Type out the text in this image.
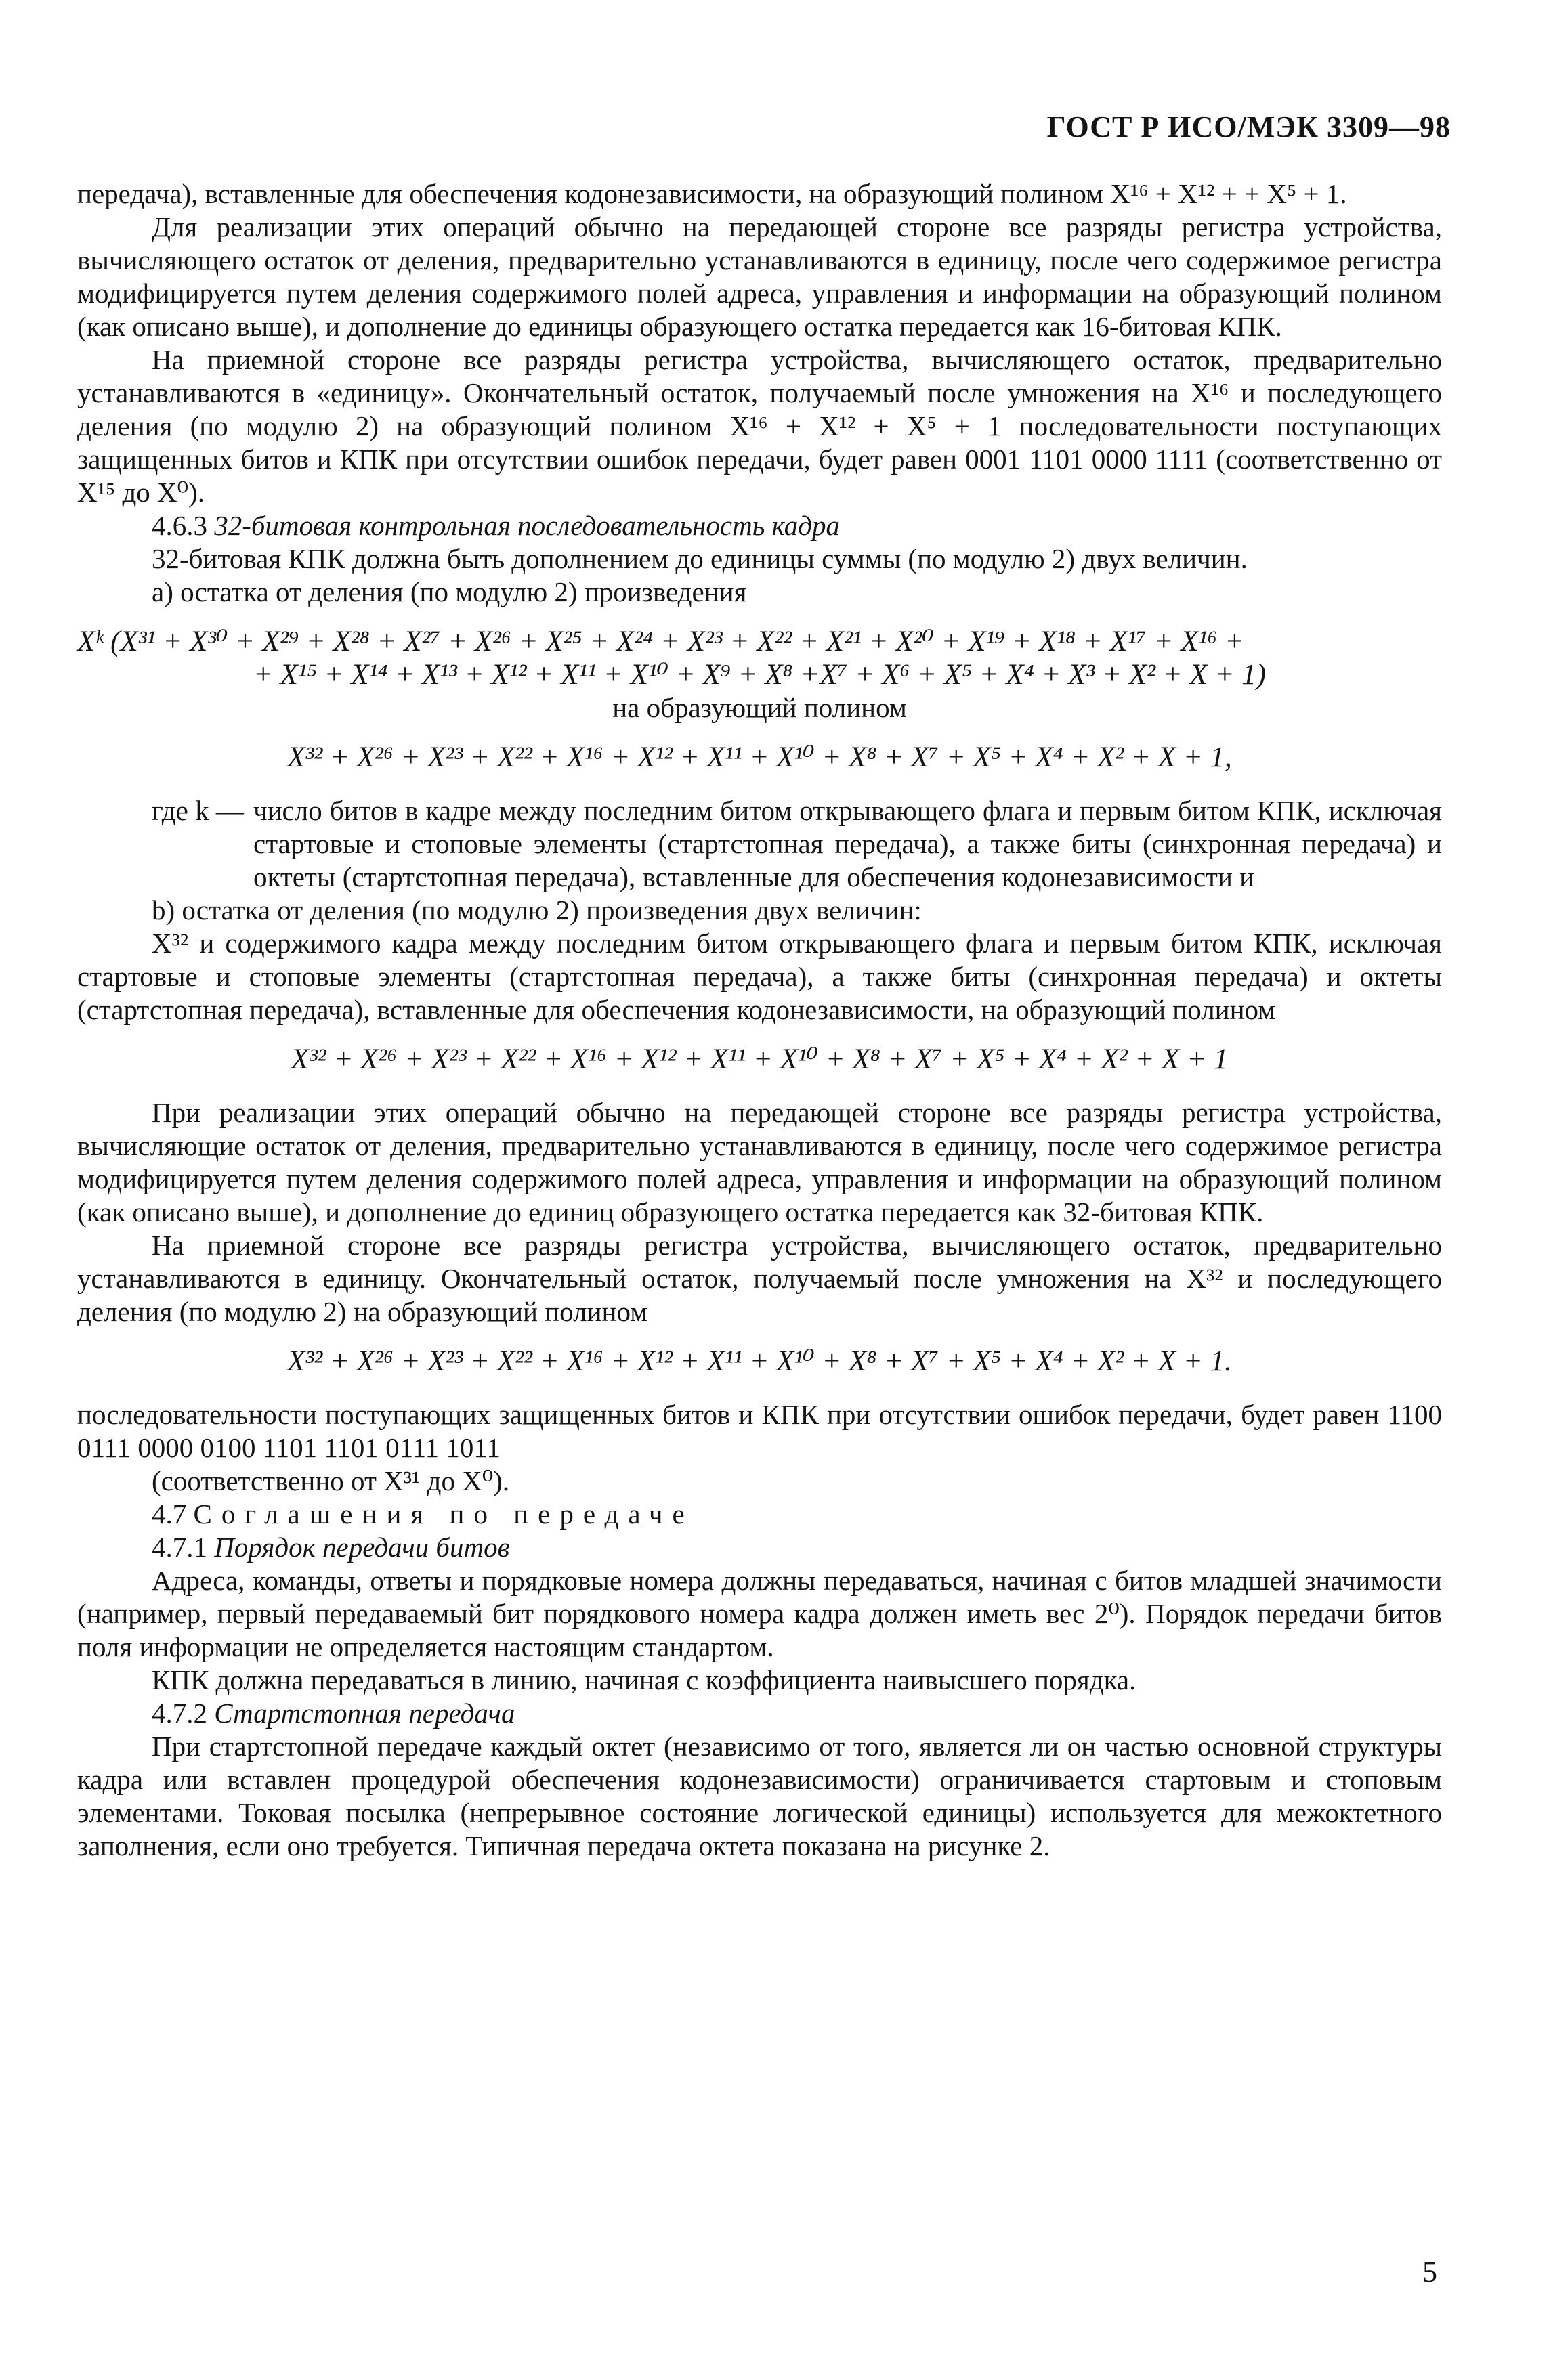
ГОСТ Р ИСО/МЭК 3309—98

передача), вставленные для обеспечения кодонезависимости, на образующий полином X¹⁶ + X¹² + + X⁵ + 1.

Для реализации этих операций обычно на передающей стороне все разряды регистра устройства, вычисляющего остаток от деления, предварительно устанавливаются в единицу, после чего содержимое регистра модифицируется путем деления содержимого полей адреса, управления и информации на образующий полином (как описано выше), и дополнение до единицы образующего остатка передается как 16-битовая КПК.

На приемной стороне все разряды регистра устройства, вычисляющего остаток, предварительно устанавливаются в «единицу». Окончательный остаток, получаемый после умножения на X¹⁶ и последующего деления (по модулю 2) на образующий полином X¹⁶ + X¹² + X⁵ + 1 последовательности поступающих защищенных битов и КПК при отсутствии ошибок передачи, будет равен 0001 1101 0000 1111 (соответственно от X¹⁵ до X⁰).

4.6.3 32-битовая контрольная последовательность кадра

32-битовая КПК должна быть дополнением до единицы суммы (по модулю 2) двух величин.

а) остатка от деления (по модулю 2) произведения

Xᵏ (X³¹ + X³⁰ + X²⁹ + X²⁸ + X²⁷ + X²⁶ + X²⁵ + X²⁴ + X²³ + X²² + X²¹ + X²⁰ + X¹⁹ + X¹⁸ + X¹⁷ + X¹⁶ +

+ X¹⁵ + X¹⁴ + X¹³ + X¹² + X¹¹ + X¹⁰ + X⁹ + X⁸ +X⁷ + X⁶ + X⁵ + X⁴ + X³ + X² + X + 1)

на образующий полином

X³² + X²⁶ + X²³ + X²² + X¹⁶ + X¹² + X¹¹ + X¹⁰ + X⁸ + X⁷ + X⁵ + X⁴ + X² + X + 1,

где k — число битов в кадре между последним битом открывающего флага и первым битом КПК, исключая стартовые и стоповые элементы (стартстопная передача), а также биты (синхронная передача) и октеты (стартстопная передача), вставленные для обеспечения кодонезависимости и

b) остатка от деления (по модулю 2) произведения двух величин:

X³² и содержимого кадра между последним битом открывающего флага и первым битом КПК, исключая стартовые и стоповые элементы (стартстопная передача), а также биты (синхронная передача) и октеты (стартстопная передача), вставленные для обеспечения кодонезависимости, на образующий полином

X³² + X²⁶ + X²³ + X²² + X¹⁶ + X¹² + X¹¹ + X¹⁰ + X⁸ + X⁷ + X⁵ + X⁴ + X² + X + 1

При реализации этих операций обычно на передающей стороне все разряды регистра устройства, вычисляющие остаток от деления, предварительно устанавливаются в единицу, после чего содержимое регистра модифицируется путем деления содержимого полей адреса, управления и информации на образующий полином (как описано выше), и дополнение до единиц образующего остатка передается как 32-битовая КПК.

На приемной стороне все разряды регистра устройства, вычисляющего остаток, предварительно устанавливаются в единицу. Окончательный остаток, получаемый после умножения на X³² и последующего деления (по модулю 2) на образующий полином

X³² + X²⁶ + X²³ + X²² + X¹⁶ + X¹² + X¹¹ + X¹⁰ + X⁸ + X⁷ + X⁵ + X⁴ + X² + X + 1.

последовательности поступающих защищенных битов и КПК при отсутствии ошибок передачи, будет равен 1100 0111 0000 0100 1101 1101 0111 1011

(соответственно от X³¹ до X⁰).

4.7 Соглашения по передаче

4.7.1 Порядок передачи битов

Адреса, команды, ответы и порядковые номера должны передаваться, начиная с битов младшей значимости (например, первый передаваемый бит порядкового номера кадра должен иметь вес 2⁰). Порядок передачи битов поля информации не определяется настоящим стандартом.

КПК должна передаваться в линию, начиная с коэффициента наивысшего порядка.

4.7.2 Стартстопная передача

При стартстопной передаче каждый октет (независимо от того, является ли он частью основной структуры кадра или вставлен процедурой обеспечения кодонезависимости) ограничивается стартовым и стоповым элементами. Токовая посылка (непрерывное состояние логической единицы) используется для межоктетного заполнения, если оно требуется. Типичная передача октета показана на рисунке 2.

5
